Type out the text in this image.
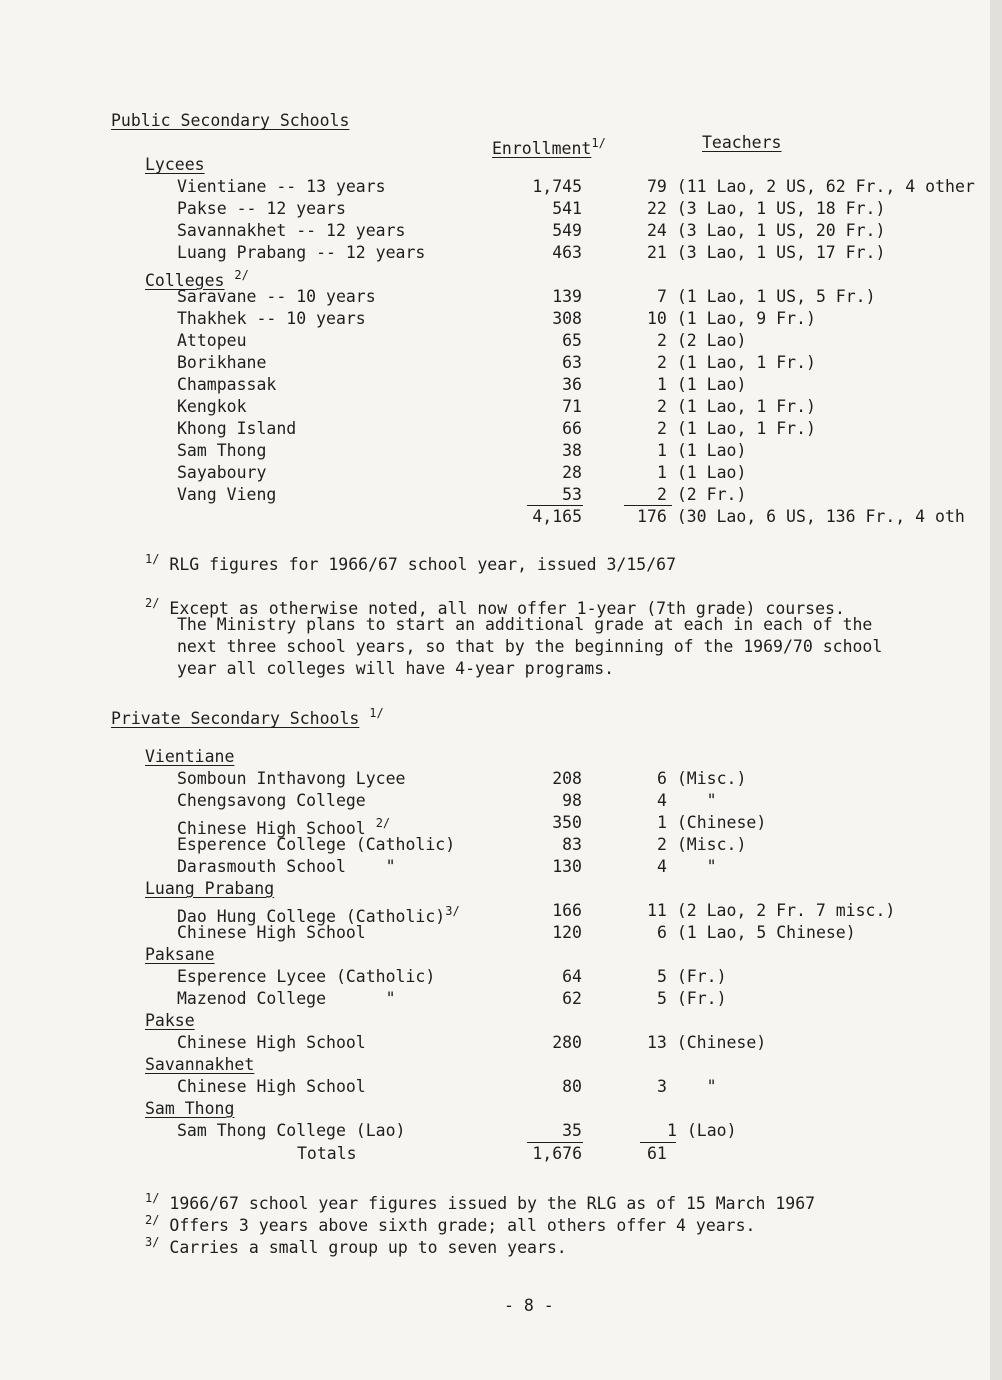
Public Secondary Schools
Enrollment$^{1/}$	Teachers
Lycees
Vientiane -- 13 years	1,745	79 (11 Lao, 2 US, 62 Fr., 4 other
Pakse -- 12 years	541	22 (3 Lao, 1 US, 18 Fr.)
Savannakhet -- 12 years	549	24 (3 Lao, 1 US, 20 Fr.)
Luang Prabang -- 12 years	463	21 (3 Lao, 1 US, 17 Fr.)
Colleges $^{2/}$
Saravane -- 10 years	139	7 (1 Lao, 1 US, 5 Fr.)
Thakhek -- 10 years	308	10 (1 Lao, 9 Fr.)
Attopeu	65	2 (2 Lao)
Borikhane	63	2 (1 Lao, 1 Fr.)
Champassak	36	1 (1 Lao)
Kengkok	71	2 (1 Lao, 1 Fr.)
Khong Island	66	2 (1 Lao, 1 Fr.)
Sam Thong	38	1 (1 Lao)
Sayaboury	28	1 (1 Lao)
Vang Vieng	53	2 (2 Fr.)
4,165	176 (30 Lao, 6 US, 136 Fr., 4 oth
$^{1/}$ RLG figures for 1966/67 school year, issued 3/15/67
$^{2/}$ Except as otherwise noted, all now offer 1-year (7th grade) courses.
The Ministry plans to start an additional grade at each in each of the
next three school years, so that by the beginning of the 1969/70 school
year all colleges will have 4-year programs.
Private Secondary Schools $^{1/}$
Vientiane
Somboun Inthavong Lycee	208	6 (Misc.)
Chengsavong College	98	4    "
Chinese High School $^{2/}$	350	1 (Chinese)
Esperence College (Catholic)	83	2 (Misc.)
Darasmouth School    "	130	4    "
Luang Prabang
Dao Hung College (Catholic)$^{3/}$	166	11 (2 Lao, 2 Fr. 7 misc.)
Chinese High School	120	6 (1 Lao, 5 Chinese)
Paksane
Esperence Lycee (Catholic)	64	5 (Fr.)
Mazenod College      "	62	5 (Fr.)
Pakse
Chinese High School	280	13 (Chinese)
Savannakhet
Chinese High School	80	3    "
Sam Thong
Sam Thong College (Lao)	35	1 (Lao)
Totals	1,676	61
$^{1/}$ 1966/67 school year figures issued by the RLG as of 15 March 1967
$^{2/}$ Offers 3 years above sixth grade; all others offer 4 years.
$^{3/}$ Carries a small group up to seven years.
- 8 -
